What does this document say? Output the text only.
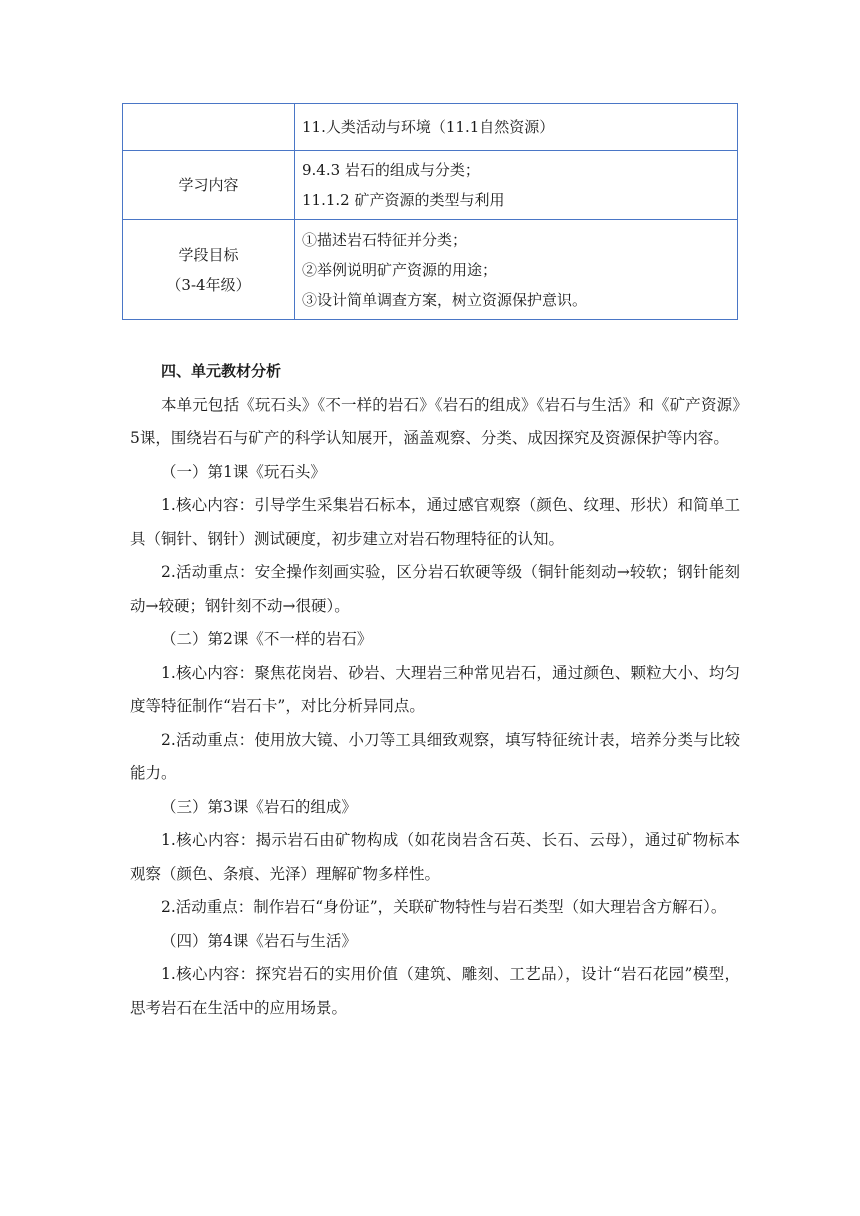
	11.人类活动与环境（11.1自然资源）

学习内容	9.4.3 岩石的组成与分类；
11.1.2 矿产资源的类型与利用

学段目标
（3-4年级）	①描述岩石特征并分类；
②举例说明矿产资源的用途；
③设计简单调查方案，树立资源保护意识。

四、单元教材分析

本单元包括《玩石头》《不一样的岩石》《岩石的组成》《岩石与生活》和《矿产资源》5课，围绕岩石与矿产的科学认知展开，涵盖观察、分类、成因探究及资源保护等内容。

（一）第1课《玩石头》

1.核心内容：引导学生采集岩石标本，通过感官观察（颜色、纹理、形状）和简单工具（铜针、钢针）测试硬度，初步建立对岩石物理特征的认知。

2.活动重点：安全操作刻画实验，区分岩石软硬等级（铜针能刻动→较软；钢针能刻动→较硬；钢针刻不动→很硬）。

（二）第2课《不一样的岩石》

1.核心内容：聚焦花岗岩、砂岩、大理岩三种常见岩石，通过颜色、颗粒大小、均匀度等特征制作“岩石卡”，对比分析异同点。

2.活动重点：使用放大镜、小刀等工具细致观察，填写特征统计表，培养分类与比较能力。

（三）第3课《岩石的组成》

1.核心内容：揭示岩石由矿物构成（如花岗岩含石英、长石、云母），通过矿物标本观察（颜色、条痕、光泽）理解矿物多样性。

2.活动重点：制作岩石“身份证”，关联矿物特性与岩石类型（如大理岩含方解石）。

（四）第4课《岩石与生活》

1.核心内容：探究岩石的实用价值（建筑、雕刻、工艺品），设计“岩石花园”模型，思考岩石在生活中的应用场景。
